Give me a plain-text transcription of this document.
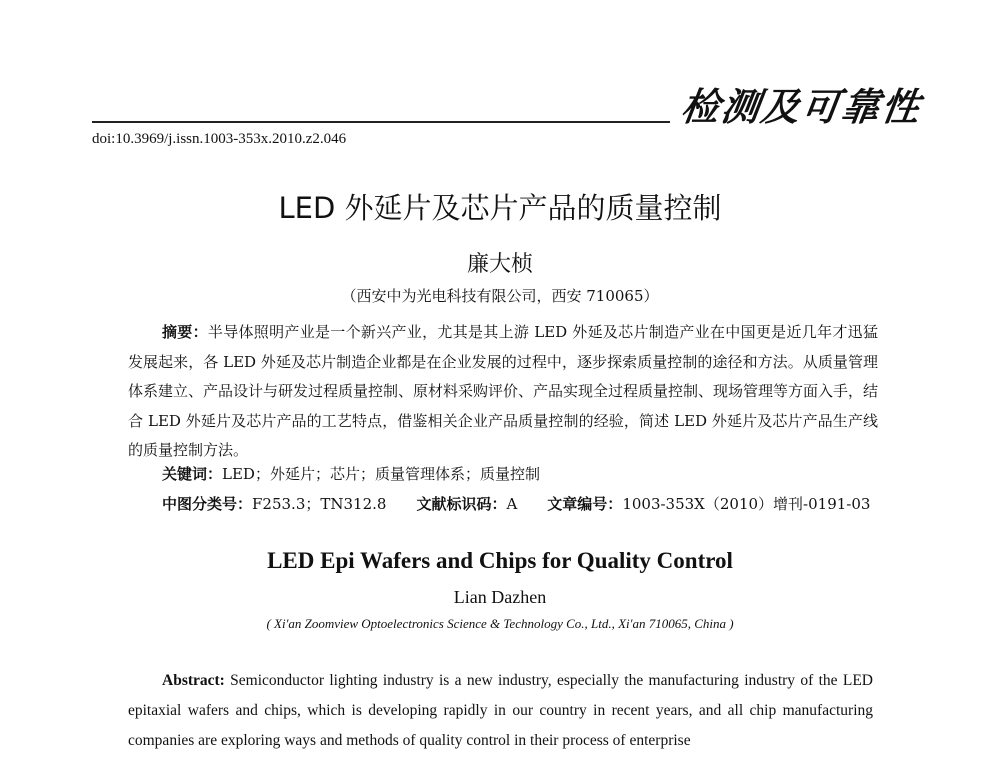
检测及可靠性
doi:10.3969/j.issn.1003-353x.2010.z2.046
LED 外延片及芯片产品的质量控制
廉大桢
（西安中为光电科技有限公司，西安 710065）
摘要：半导体照明产业是一个新兴产业，尤其是其上游 LED 外延及芯片制造产业在中国更是近几年才迅猛发展起来，各 LED 外延及芯片制造企业都是在企业发展的过程中，逐步探索质量控制的途径和方法。从质量管理体系建立、产品设计与研发过程质量控制、原材料采购评价、产品实现全过程质量控制、现场管理等方面入手，结合 LED 外延片及芯片产品的工艺特点，借鉴相关企业产品质量控制的经验，简述 LED 外延片及芯片产品生产线的质量控制方法。
关键词：LED；外延片；芯片；质量管理体系；质量控制
中图分类号：F253.3；TN312.8 文献标识码：A 文章编号：1003-353X（2010）增刊-0191-03
LED Epi Wafers and Chips for Quality Control
Lian Dazhen
( Xi'an Zoomview Optoelectronics Science & Technology Co., Ltd., Xi'an 710065, China )
Abstract: Semiconductor lighting industry is a new industry, especially the manufacturing industry of the LED epitaxial wafers and chips, which is developing rapidly in our country in recent years, and all chip manufacturing companies are exploring ways and methods of quality control in their process of enterprise
